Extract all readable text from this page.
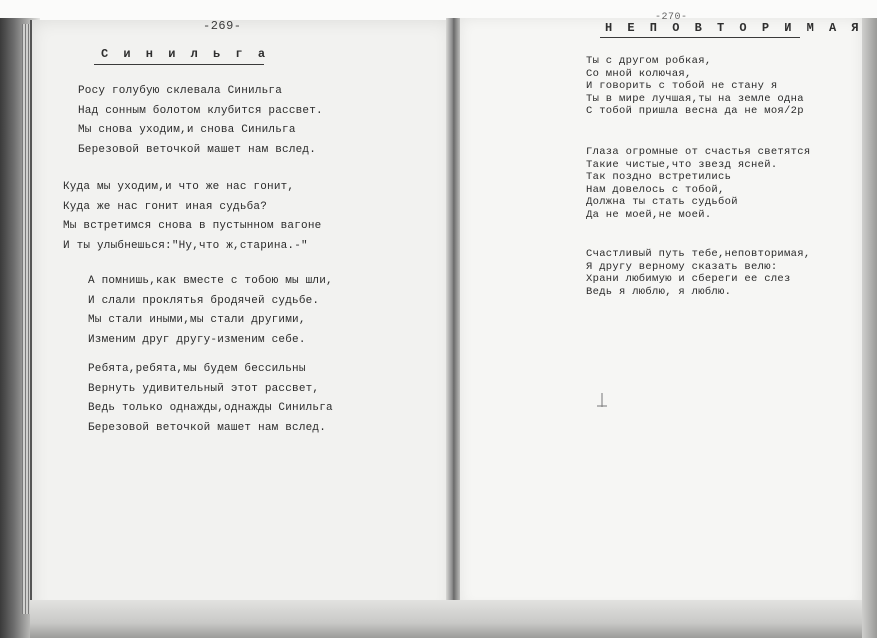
-269-
С и н и л ь г а
Росу голубую склевала Синильга
Над сонным болотом клубится рассвет.
Мы снова уходим,и снова Синильга
Березовой веточкой машет нам вслед.
Куда мы уходим,и что же нас гонит,
Куда же нас гонит иная судьба?
Мы встретимся снова в пустынном вагоне
И ты улыбнешься:"Ну,что ж,старина.-"
А помнишь,как вместе с тобою мы шли,
И слали проклятья бродячей судьбе.
Мы стали иными,мы стали другими,
Изменим друг другу-изменим себе.
Ребята,ребята,мы будем бессильны
Вернуть удивительный этот рассвет,
Ведь только однажды,однажды Синильга
Березовой веточкой машет нам вслед.
Н Е П О В Т О Р И М А Я
-270-
Ты с другом робкая,
Со мной колючая,
И говорить с тобой не стану я
Ты в мире лучшая,ты на земле одна
С тобой пришла весна да не моя/2р
Глаза огромные от счастья светятся
Такие чистые,что звезд ясней.
Так поздно встретились
Нам довелось с тобой,
Должна ты стать судьбой
Да не моей,не моей.
Счастливый путь тебе,неповторимая,
Я другу верному сказать велю:
Храни любимую и сбереги ее слез
Ведь я люблю, я люблю.
